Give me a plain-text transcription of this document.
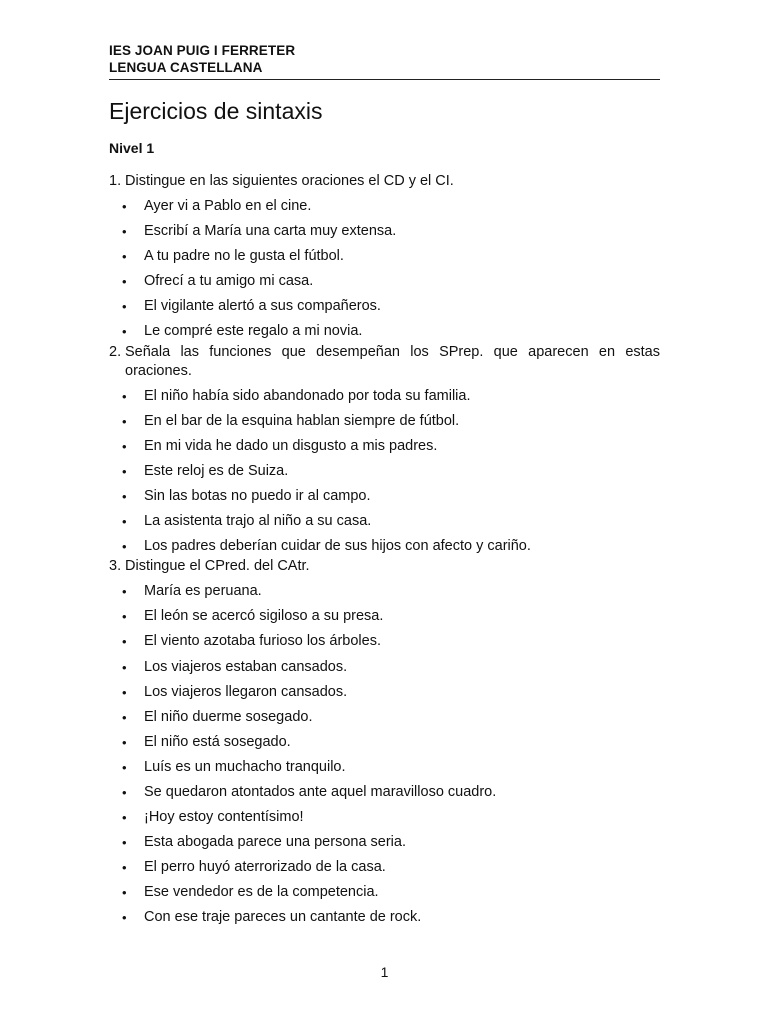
IES JOAN PUIG I FERRETER
LENGUA CASTELLANA
Ejercicios de sintaxis
Nivel 1

1. Distingue en las siguientes oraciones el CD y el CI.

• Ayer vi a Pablo en el cine.
• Escribí a María una carta muy extensa.
• A tu padre no le gusta el fútbol.
• Ofrecí a tu amigo mi casa.
• El vigilante alertó a sus compañeros.
• Le compré este regalo a mi novia.

2. Señala las funciones que desempeñan los SPrep. que aparecen en estas oraciones.

• El niño había sido abandonado por toda su familia.
• En el bar de la esquina hablan siempre de fútbol.
• En mi vida he dado un disgusto a mis padres.
• Este reloj es de Suiza.
• Sin las botas no puedo ir al campo.
• La asistenta trajo al niño a su casa.
• Los padres deberían cuidar de sus hijos con afecto y cariño.

3. Distingue el CPred. del CAtr.

• María es peruana.
• El león se acercó sigiloso a su presa.
• El viento azotaba furioso los árboles.
• Los viajeros estaban cansados.
• Los viajeros llegaron cansados.
• El niño duerme sosegado.
• El niño está sosegado.
• Luís es un muchacho tranquilo.
• Se quedaron atontados ante aquel maravilloso cuadro.
• ¡Hoy estoy contentísimo!
• Esta abogada parece una persona seria.
• El perro huyó aterrorizado de la casa.
• Ese vendedor es de la competencia.
• Con ese traje pareces un cantante de rock.
1
